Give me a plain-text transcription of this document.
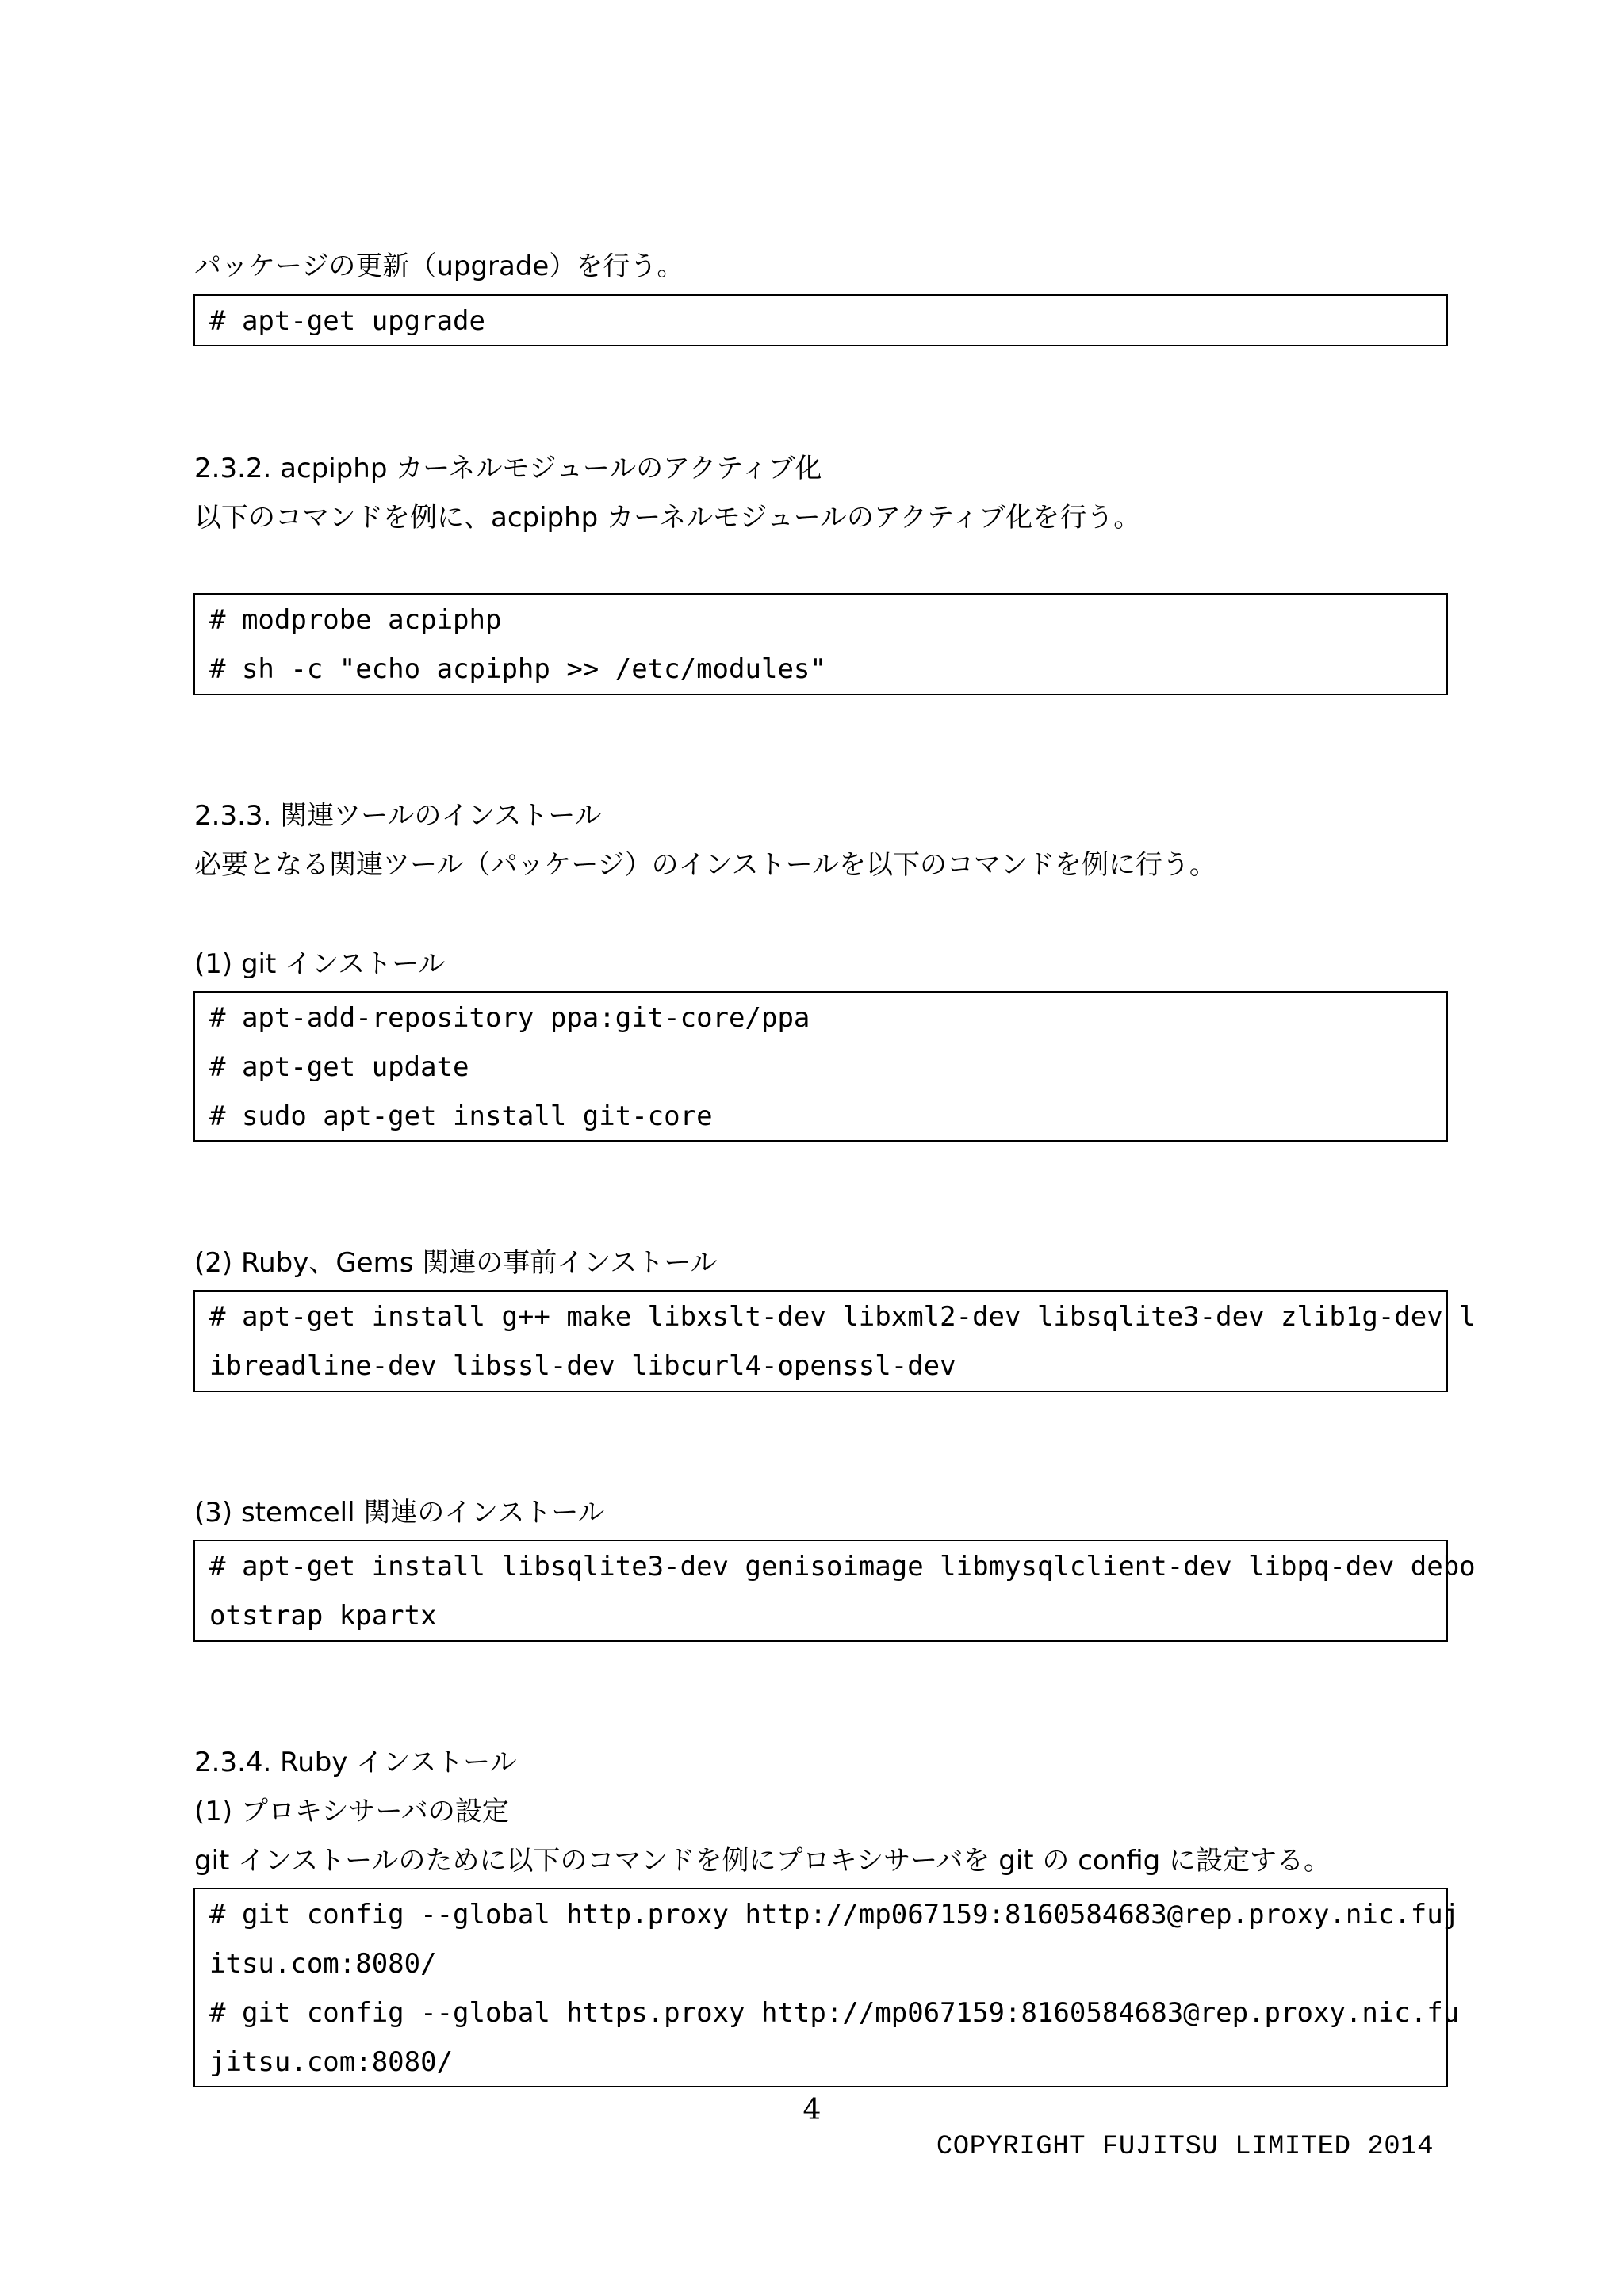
パッケージの更新（upgrade）を行う。
# apt-get upgrade
2.3.2. acpiphp カーネルモジュールのアクティブ化
以下のコマンドを例に、acpiphp カーネルモジュールのアクティブ化を行う。
# modprobe acpiphp
# sh -c "echo acpiphp >> /etc/modules"
2.3.3. 関連ツールのインストール
必要となる関連ツール（パッケージ）のインストールを以下のコマンドを例に行う。
(1) git インストール
# apt-add-repository ppa:git-core/ppa
# apt-get update
# sudo apt-get install git-core
(2) Ruby、Gems 関連の事前インストール
# apt-get install g++ make libxslt-dev libxml2-dev libsqlite3-dev zlib1g-dev l
ibreadline-dev libssl-dev libcurl4-openssl-dev
(3) stemcell 関連のインストール
# apt-get install libsqlite3-dev genisoimage libmysqlclient-dev libpq-dev debo
otstrap kpartx
2.3.4. Ruby インストール
(1) プロキシサーバの設定
git インストールのために以下のコマンドを例にプロキシサーバを git の config に設定する。
# git config --global http.proxy http://mp067159:8160584683@rep.proxy.nic.fuj
itsu.com:8080/
# git config --global https.proxy http://mp067159:8160584683@rep.proxy.nic.fu
jitsu.com:8080/
4
COPYRIGHT FUJITSU LIMITED 2014
